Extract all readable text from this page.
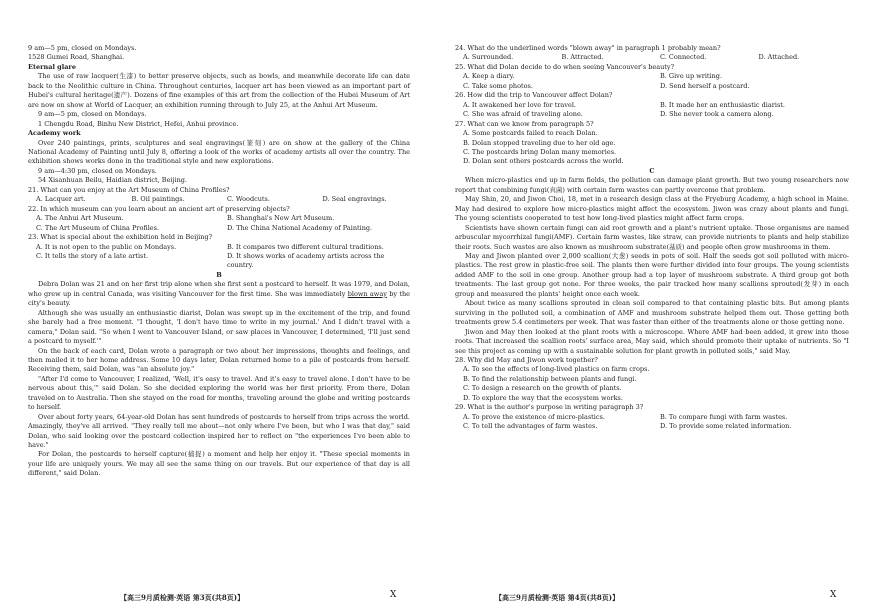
9 am—5 pm, closed on Mondays.

1528 Gumei Road, Shanghai.

Eternal glare

The use of raw lacquer(生漆) to better preserve objects, such as bowls, and meanwhile decorate life can date back to the Neolithic culture in China. Throughout centuries, lacquer art has been viewed as an important part of Hubei's cultural heritage(遗产). Dozens of fine examples of this art from the collection of the Hubei Museum of Art are now on show at World of Lacquer, an exhibition running through to July 25, at the Anhui Art Museum.

9 am—5 pm, closed on Mondays.

1 Chengdu Road, Binhu New District, Hefei, Anhui province.

Academy work

Over 240 paintings, prints, sculptures and seal engravings(篆刻) are on show at the gallery of the China National Academy of Painting until July 8, offering a look of the works of academy artists all over the country. The exhibition shows works done in the traditional style and new explorations.

9 am—4:30 pm, closed on Mondays.

54 Xisanhuan Beilu, Haidian district, Beijing.

21. What can you enjoy at the Art Museum of China Profiles?

A. Lacquer art.	B. Oil paintings.	C. Woodcuts.	D. Seal engravings.

22. In which museum can you learn about an ancient art of preserving objects?

A. The Anhui Art Museum.	B. Shanghai's New Art Museum.
C. The Art Museum of China Profiles.	D. The China National Academy of Painting.

23. What is special about the exhibition held in Beijing?

A. It is not open to the public on Mondays.	B. It compares two different cultural traditions.
C. It tells the story of a late artist.	D. It shows works of academy artists across the country.

B

Debra Dolan was 21 and on her first trip alone when she first sent a postcard to herself. It was 1979, and Dolan, who grew up in central Canada, was visiting Vancouver for the first time. She was immediately blown away by the city's beauty.

Although she was usually an enthusiastic diarist, Dolan was swept up in the excitement of the trip, and found she barely had a free moment. "I thought, 'I don't have time to write in my journal.' And I didn't travel with a camera," Dolan said. "So when I went to Vancouver Island, or saw places in Vancouver, I determined, 'I'll just send a postcard to myself.'"

On the back of each card, Dolan wrote a paragraph or two about her impressions, thoughts and feelings, and then mailed it to her home address. Some 10 days later, Dolan returned home to a pile of postcards from herself. Receiving them, said Dolan, was "an absolute joy."

"After I'd come to Vancouver, I realized, 'Well, it's easy to travel. And it's easy to travel alone. I don't have to be nervous about this,'" said Dolan. So she decided exploring the world was her first priority. From there, Dolan traveled on to Australia. Then she stayed on the road for months, traveling around the globe and writing postcards to herself.

Over about forty years, 64-year-old Dolan has sent hundreds of postcards to herself from trips across the world. Amazingly, they've all arrived. "They really tell me about—not only where I've been, but who I was that day," said Dolan, who said looking over the postcard collection inspired her to reflect on "the experiences I've been able to have."

For Dolan, the postcards to herself capture(捕捉) a moment and help her enjoy it. "These special moments in your life are uniquely yours. We may all see the same thing on our travels. But our experience of that day is all different," said Dolan.

【高三9月质检测·英语 第3页(共8页)】	X

24. What do the underlined words "blown away" in paragraph 1 probably mean?

A. Surrounded.	B. Attracted.	C. Connected.	D. Attached.

25. What did Dolan decide to do when seeing Vancouver's beauty?

A. Keep a diary.	B. Give up writing.
C. Take some photos.	D. Send herself a postcard.

26. How did the trip to Vancouver affect Dolan?

A. It awakened her love for travel.	B. It made her an enthusiastic diarist.
C. She was afraid of traveling alone.	D. She never took a camera along.

27. What can we know from paragraph 5?

A. Some postcards failed to reach Dolan.

B. Dolan stopped traveling due to her old age.

C. The postcards bring Dolan many memories.

D. Dolan sent others postcards across the world.

C

When micro-plastics end up in farm fields, the pollution can damage plant growth. But two young researchers now report that combining fungi(真菌) with certain farm wastes can partly overcome that problem.

May Shin, 20, and Jiwon Choi, 18, met in a research design class at the Fryeburg Academy, a high school in Maine. May had desired to explore how micro-plastics might affect the ecosystem. Jiwon was crazy about plants and fungi. The young scientists cooperated to test how long-lived plastics might affect farm crops.

Scientists have shown certain fungi can aid root growth and a plant's nutrient uptake. Those organisms are named arbuscular mycorrhizal fungi(AMF). Certain farm wastes, like straw, can provide nutrients to plants and help stabilize their roots. Such wastes are also known as mushroom substrate(基质) and people often grow mushrooms in them.

May and Jiwon planted over 2,000 scallion(大葱) seeds in pots of soil. Half the seeds got soil polluted with micro-plastics. The rest grew in plastic-free soil. The plants then were further divided into four groups. The young scientists added AMF to the soil in one group. Another group had a top layer of mushroom substrate. A third group got both treatments. The last group got none. For three weeks, the pair tracked how many scallions sprouted(发芽) in each group and measured the plants' height once each week.

About twice as many scallions sprouted in clean soil compared to that containing plastic bits. But among plants surviving in the polluted soil, a combination of AMF and mushroom substrate helped them out. Those getting both treatments grew 5.4 centimeters per week. That was faster than either of the treatments alone or those getting none.

Jiwon and May then looked at the plant roots with a microscope. Where AMF had been added, it grew into those roots. That increased the scallion roots' surface area, May said, which should promote their uptake of nutrients. So "I see this project as coming up with a sustainable solution for plant growth in polluted soils," said May.

28. Why did May and Jiwon work together?

A. To see the effects of long-lived plastics on farm crops.

B. To find the relationship between plants and fungi.

C. To design a research on the growth of plants.

D. To explore the way that the ecosystem works.

29. What is the author's purpose in writing paragraph 3?

A. To prove the existence of micro-plastics.	B. To compare fungi with farm wastes.
C. To tell the advantages of farm wastes.	D. To provide some related information.
【高三9月质检测·英语 第4页(共8页)】	X
